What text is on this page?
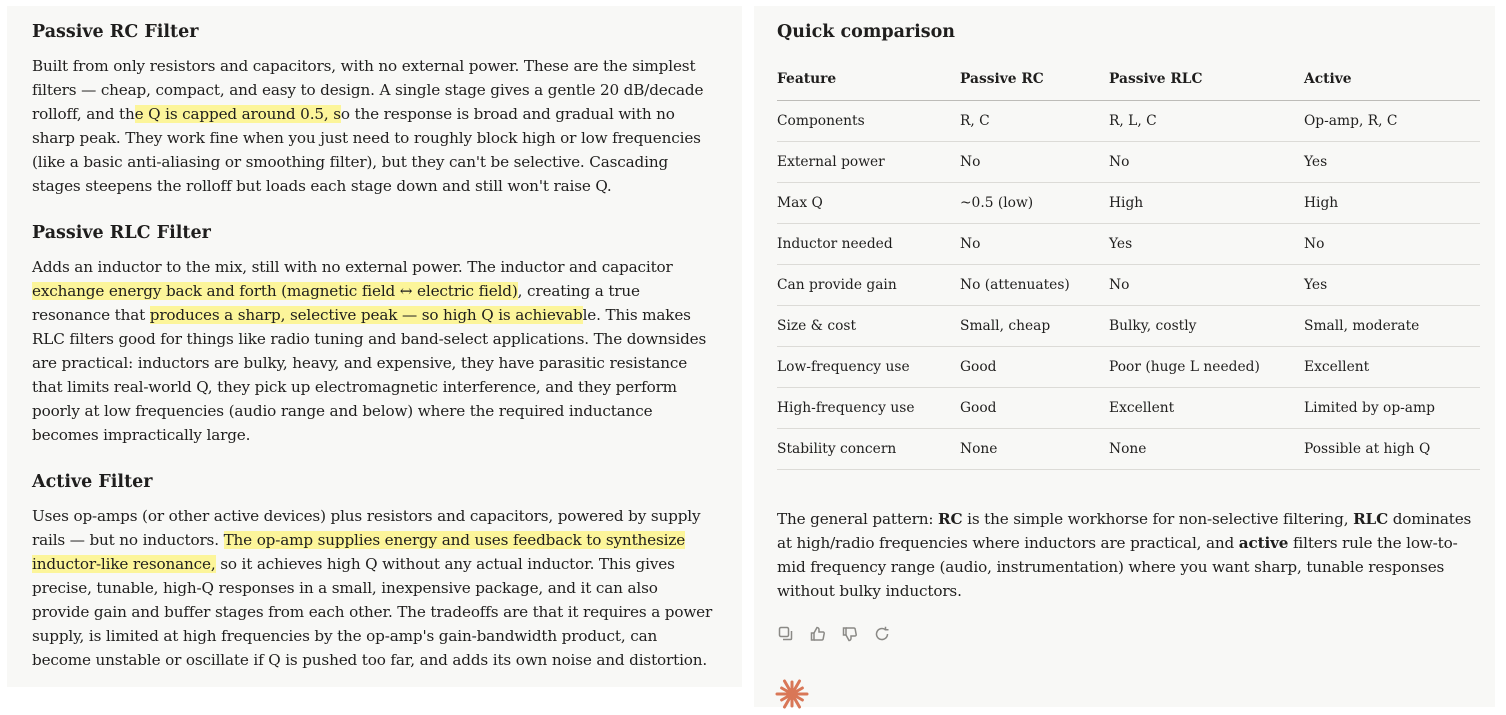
Passive RC Filter

Built from only resistors and capacitors, with no external power. These are the simplest filters — cheap, compact, and easy to design. A single stage gives a gentle 20 dB/decade rolloff, and the Q is capped around 0.5, so the response is broad and gradual with no sharp peak. They work fine when you just need to roughly block high or low frequencies (like a basic anti-aliasing or smoothing filter), but they can't be selective. Cascading stages steepens the rolloff but loads each stage down and still won't raise Q.

Passive RLC Filter

Adds an inductor to the mix, still with no external power. The inductor and capacitor exchange energy back and forth (magnetic field ↔ electric field), creating a true resonance that produces a sharp, selective peak — so high Q is achievable. This makes RLC filters good for things like radio tuning and band-select applications. The downsides are practical: inductors are bulky, heavy, and expensive, they have parasitic resistance that limits real-world Q, they pick up electromagnetic interference, and they perform poorly at low frequencies (audio range and below) where the required inductance becomes impractically large.

Active Filter

Uses op-amps (or other active devices) plus resistors and capacitors, powered by supply rails — but no inductors. The op-amp supplies energy and uses feedback to synthesize inductor-like resonance, so it achieves high Q without any actual inductor. This gives precise, tunable, high-Q responses in a small, inexpensive package, and it can also provide gain and buffer stages from each other. The tradeoffs are that it requires a power supply, is limited at high frequencies by the op-amp's gain-bandwidth product, can become unstable or oscillate if Q is pushed too far, and adds its own noise and distortion.

Quick comparison
Feature	Passive RC	Passive RLC	Active
Components	R, C	R, L, C	Op-amp, R, C
External power	No	No	Yes
Max Q	~0.5 (low)	High	High
Inductor needed	No	Yes	No
Can provide gain	No (attenuates)	No	Yes
Size & cost	Small, cheap	Bulky, costly	Small, moderate
Low-frequency use	Good	Poor (huge L needed)	Excellent
High-frequency use	Good	Excellent	Limited by op-amp
Stability concern	None	None	Possible at high Q

The general pattern: RC is the simple workhorse for non-selective filtering, RLC dominates at high/radio frequencies where inductors are practical, and active filters rule the low-to-mid frequency range (audio, instrumentation) where you want sharp, tunable responses without bulky inductors.
